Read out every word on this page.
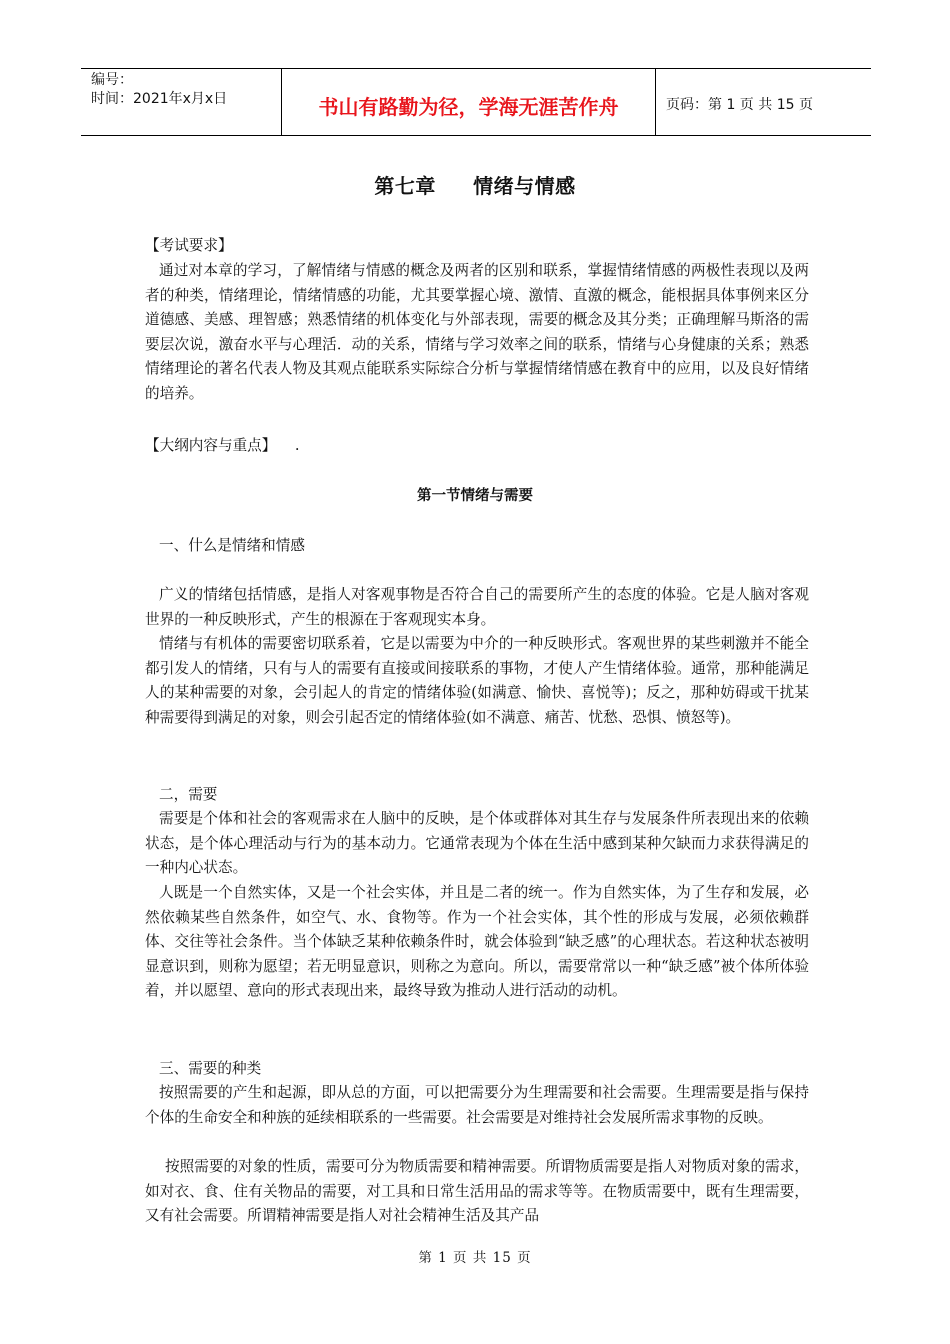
编号：
时间：2021年x月x日	书山有路勤为径，学海无涯苦作舟	页码：第 1 页 共 15 页
第七章     情绪与情感
【考试要求】

通过对本章的学习，了解情绪与情感的概念及两者的区别和联系，掌握情绪情感的两极性表现以及两者的种类，情绪理论，情绪情感的功能，尤其要掌握心境、激情、直激的概念，能根据具体事例来区分道德感、美感、理智感；熟悉情绪的机体变化与外部表现，需要的概念及其分类；正确理解马斯洛的需要层次说，激奋水平与心理活．动的关系，情绪与学习效率之间的联系，情绪与心身健康的关系；熟悉情绪理论的著名代表人物及其观点能联系实际综合分析与掌握情绪情感在教育中的应用，以及良好情绪的培养。

【大纲内容与重点】    .
第一节情绪与需要
一、什么是情绪和情感

广义的情绪包括情感，是指人对客观事物是否符合自己的需要所产生的态度的体验。它是人脑对客观世界的一种反映形式，产生的根源在于客观现实本身。

情绪与有机体的需要密切联系着，它是以需要为中介的一种反映形式。客观世界的某些刺激并不能全都引发人的情绪，只有与人的需要有直接或间接联系的事物，才使人产生情绪体验。通常，那种能满足人的某种需要的对象，会引起人的肯定的情绪体验(如满意、愉快、喜悦等)；反之，那种妨碍或干扰某种需要得到满足的对象，则会引起否定的情绪体验(如不满意、痛苦、忧愁、恐惧、愤怒等)。

二，需要

需要是个体和社会的客观需求在人脑中的反映，是个体或群体对其生存与发展条件所表现出来的依赖状态，是个体心理活动与行为的基本动力。它通常表现为个体在生活中感到某种欠缺而力求获得满足的一种内心状态。

人既是一个自然实体，又是一个社会实体，并且是二者的统一。作为自然实体，为了生存和发展，必然依赖某些自然条件，如空气、水、食物等。作为一个社会实体，其个性的形成与发展，必须依赖群体、交往等社会条件。当个体缺乏某种依赖条件时，就会体验到“缺乏感”的心理状态。若这种状态被明显意识到，则称为愿望；若无明显意识，则称之为意向。所以，需要常常以一种“缺乏感”被个体所体验着，并以愿望、意向的形式表现出来，最终导致为推动人进行活动的动机。

三、需要的种类

按照需要的产生和起源，即从总的方面，可以把需要分为生理需要和社会需要。生理需要是指与保持个体的生命安全和种族的延续相联系的一些需要。社会需要是对维持社会发展所需求事物的反映。

按照需要的对象的性质，需要可分为物质需要和精神需要。所谓物质需要是指人对物质对象的需求，如对衣、食、住有关物品的需要，对工具和日常生活用品的需求等等。在物质需要中，既有生理需要，又有社会需要。所谓精神需要是指人对社会精神生活及其产品

第 1 页 共 15 页
